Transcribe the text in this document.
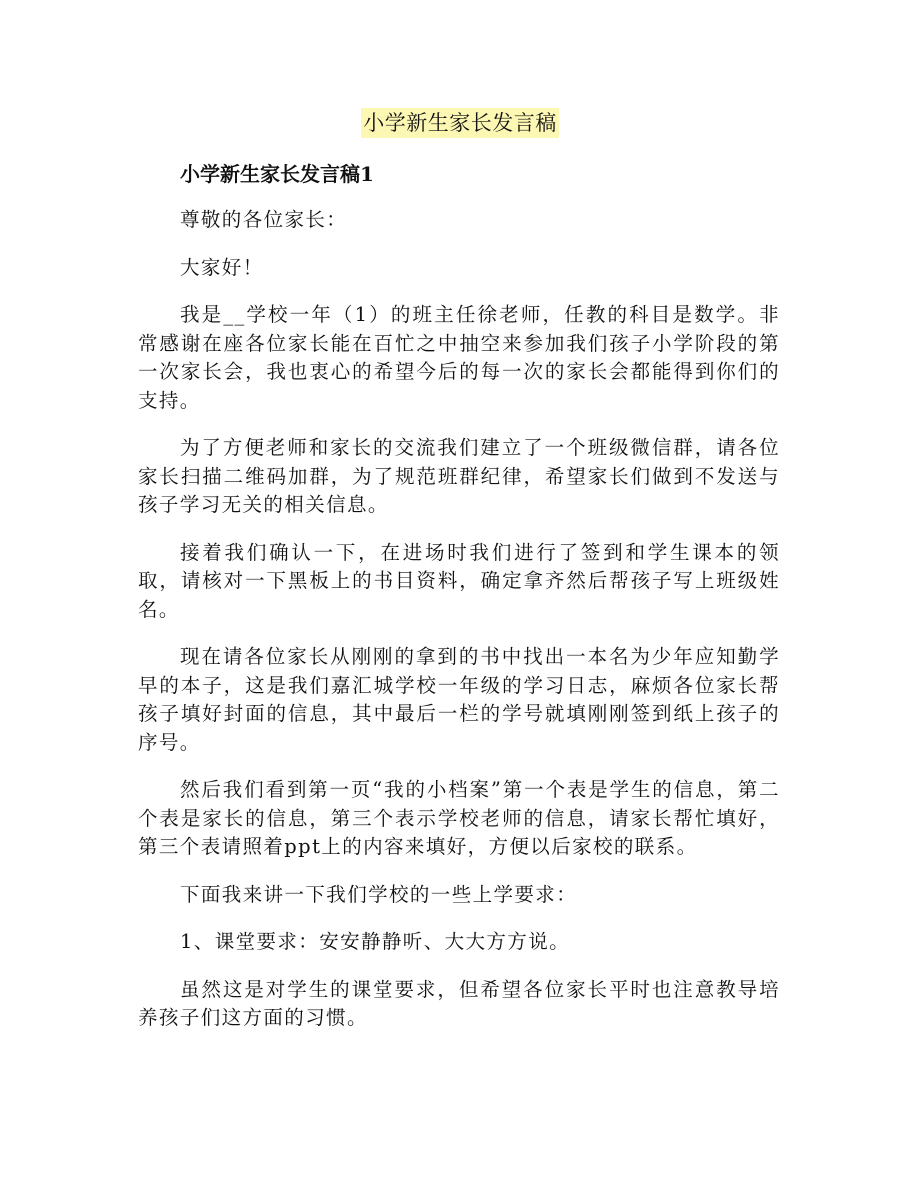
小学新生家长发言稿
小学新生家长发言稿1

尊敬的各位家长：

大家好！

我是__学校一年（1）的班主任徐老师，任教的科目是数学。非常感谢在座各位家长能在百忙之中抽空来参加我们孩子小学阶段的第一次家长会，我也衷心的希望今后的每一次的家长会都能得到你们的支持。

为了方便老师和家长的交流我们建立了一个班级微信群，请各位家长扫描二维码加群，为了规范班群纪律，希望家长们做到不发送与孩子学习无关的相关信息。

接着我们确认一下，在进场时我们进行了签到和学生课本的领取，请核对一下黑板上的书目资料，确定拿齐然后帮孩子写上班级姓名。

现在请各位家长从刚刚的拿到的书中找出一本名为少年应知勤学早的本子，这是我们嘉汇城学校一年级的学习日志，麻烦各位家长帮孩子填好封面的信息，其中最后一栏的学号就填刚刚签到纸上孩子的序号。

然后我们看到第一页“我的小档案”第一个表是学生的信息，第二个表是家长的信息，第三个表示学校老师的信息，请家长帮忙填好，第三个表请照着ppt上的内容来填好，方便以后家校的联系。

下面我来讲一下我们学校的一些上学要求：

1、课堂要求：安安静静听、大大方方说。

虽然这是对学生的课堂要求，但希望各位家长平时也注意教导培养孩子们这方面的习惯。
